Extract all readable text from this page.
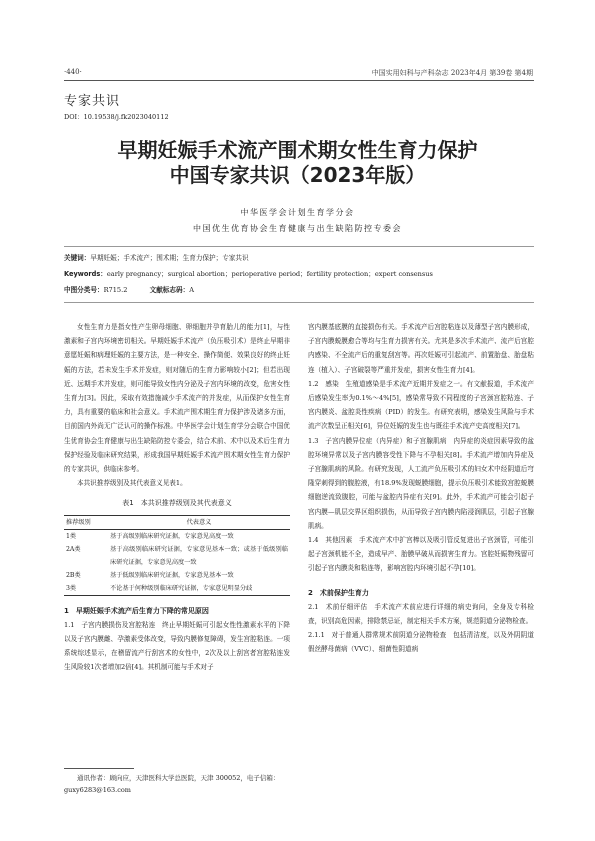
·440·	中国实用妇科与产科杂志 2023年4月 第39卷 第4期
专家共识
DOI：10.19538/j.fk2023040112
早期妊娠手术流产围术期女性生育力保护
中国专家共识（2023年版）
中华医学会计划生育学分会
中国优生优育协会生育健康与出生缺陷防控专委会
关键词：早期妊娠；手术流产；围术期；生育力保护；专家共识
Keywords：early pregnancy；surgical abortion；perioperative period；fertility protection；expert consensus
中图分类号：R715.2	文献标志码：A

女性生育力是指女性产生卵母细胞、卵细胞并孕育胎儿的能力[1]，与性激素和子宫内环境密切相关。早期妊娠手术流产（负压吸引术）是终止早期非意愿妊娠和病理妊娠的主要方法，是一种安全、操作简便、效果良好的终止妊娠的方法，若未发生手术并发症，则对随后的生育力影响较小[2]；但若出现近、远期手术并发症，则可能导致女性内分泌及子宫内环境的改变，危害女性生育力[3]。因此，采取有效措施减少手术流产的并发症，从而保护女性生育力，具有重要的临床和社会意义。手术流产围术期生育力保护涉及诸多方面，目前国内外尚无广泛认可的操作标准。中华医学会计划生育学分会联合中国优生优育协会生育健康与出生缺陷防控专委会，结合术前、术中以及术后生育力保护经验及临床研究结果，形成我国早期妊娠手术流产围术期女性生育力保护的专家共识，供临床参考。

本共识推荐级别及其代表意义见表1。

表1　本共识推荐级别及其代表意义
推荐级别	代表意义
1类	基于高级别临床研究证据，专家意见高度一致
2A类	基于高级别临床研究证据，专家意见基本一致；或基于低级别临床研究证据，专家意见高度一致
2B类	基于低级别临床研究证据，专家意见基本一致
3类	不论基于何种级别临床研究证据，专家意见明显分歧
1　早期妊娠手术流产后生育力下降的常见原因

1.1　子宫内膜损伤及宫腔粘连　终止早期妊娠可引起女性性激素水平的下降以及子宫内膜雌、孕激素受体改变，导致内膜修复障碍，发生宫腔粘连。一项系统综述显示，在稽留流产行刮宫术的女性中，2次及以上刮宫者宫腔粘连发生风险较1次者增加2倍[4]。其机制可能与手术对子

通讯作者：顾向应，天津医科大学总医院，天津 300052，电子信箱：guxy6283@163.com

宫内膜基底膜的直接损伤有关。手术流产后宫腔粘连以及薄型子宫内膜形成，子宫内膜蜕膜愈合等均与生育力损害有关。尤其是多次手术流产、流产后宫腔内感染、不全流产后的重复刮宫等。再次妊娠可引起流产、前置胎盘、胎盘粘连（植入）、子宫破裂等严重并发症，损害女性生育力[4]。

1.2　感染　生殖道感染是手术流产近期并发症之一。有文献报道，手术流产后感染发生率为0.1%～4%[5]，感染常导致不同程度的子宫颈宫腔粘连、子宫内膜炎、盆腔炎性疾病（PID）的发生。有研究表明，感染发生风险与手术流产次数呈正相关[6]，异位妊娠的发生也与既往手术流产史高度相关[7]。

1.3　子宫内膜异位症（内异症）和子宫腺肌病　内异症的炎症因素导致的盆腔环境异常以及子宫内膜容受性下降与不孕相关[8]。手术流产增加内异症及子宫腺肌病的风险。有研究发现，人工流产负压吸引术的妇女术中经阴道后穹隆穿刺得到的腹腔液，有18.9%发现蜕膜细胞，提示负压吸引术能致宫腔蜕膜细胞逆流致腹腔，可能与盆腔内异症有关[9]。此外，手术流产可能会引起子宫内膜—肌层交界区组织损伤，从而导致子宫内膜内陷浸润肌层，引起子宫腺肌病。

1.4　其他因素　手术流产术中扩宫棒以及吸引管反复进出子宫颈管，可能引起子宫颈机能不全，造成早产、胎膜早破从而损害生育力。宫腔妊娠物残留可引起子宫内膜炎和粘连等，影响宫腔内环境引起不孕[10]。

2　术前保护生育力

2.1　术前仔细评估　手术流产术前应进行详细的病史询问，全身及专科检查，识别高危因素，排除禁忌证，制定相关手术方案，规范阴道分泌物检查。

2.1.1　对于普通人群常规术前阴道分泌物检查　包括清洁度，以及外阴阴道假丝酵母菌病（VVC）、细菌性阴道病
